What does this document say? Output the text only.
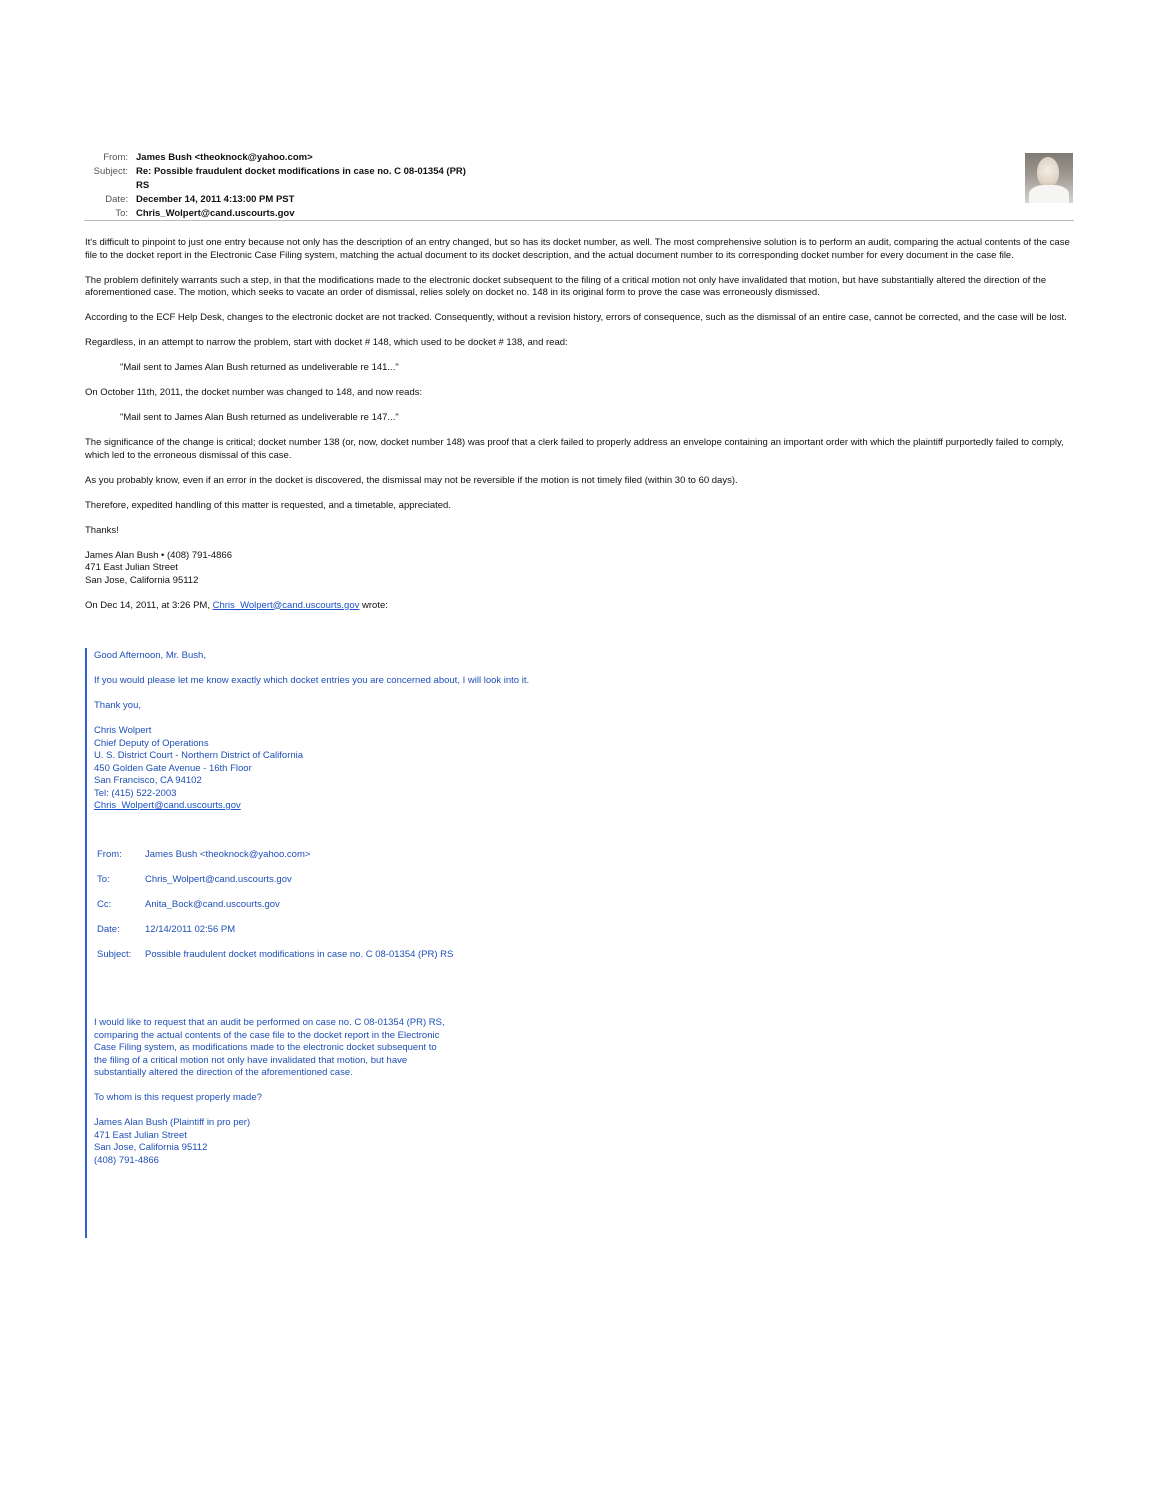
From: James Bush <theoknock@yahoo.com>
Subject: Re: Possible fraudulent docket modifications in case no. C 08-01354 (PR) RS
Date: December 14, 2011 4:13:00 PM PST
To: Chris_Wolpert@cand.uscourts.gov

It's difficult to pinpoint to just one entry because not only has the description of an entry changed, but so has its docket number, as well. The most comprehensive solution is to perform an audit, comparing the actual contents of the case file to the docket report in the Electronic Case Filing system, matching the actual document to its docket description, and the actual document number to its corresponding docket number for every document in the case file.

The problem definitely warrants such a step, in that the modifications made to the electronic docket subsequent to the filing of a critical motion not only have invalidated that motion, but have substantially altered the direction of the aforementioned case. The motion, which seeks to vacate an order of dismissal, relies solely on docket no. 148 in its original form to prove the case was erroneously dismissed.

According to the ECF Help Desk, changes to the electronic docket are not tracked. Consequently, without a revision history, errors of consequence, such as the dismissal of an entire case, cannot be corrected, and the case will be lost.

Regardless, in an attempt to narrow the problem, start with docket # 148, which used to be docket # 138, and read:

"Mail sent to James Alan Bush returned as undeliverable re 141..."

On October 11th, 2011, the docket number was changed to 148, and now reads:

"Mail sent to James Alan Bush returned as undeliverable re 147..."

The significance of the change is critical; docket number 138 (or, now, docket number 148) was proof that a clerk failed to properly address an envelope containing an important order with which the plaintiff purportedly failed to comply, which led to the erroneous dismissal of this case.

As you probably know, even if an error in the docket is discovered, the dismissal may not be reversible if the motion is not timely filed (within 30 to 60 days).

Therefore, expedited handling of this matter is requested, and a timetable, appreciated.

Thanks!

James Alan Bush • (408) 791-4866
471 East Julian Street
San Jose, California 95112

On Dec 14, 2011, at 3:26 PM, Chris_Wolpert@cand.uscourts.gov wrote:

Good Afternoon, Mr. Bush,

If you would please let me know exactly which docket entries you are concerned about, I will look into it.

Thank you,

Chris Wolpert
Chief Deputy of Operations
U. S. District Court - Northern District of California
450 Golden Gate Avenue - 16th Floor
San Francisco, CA 94102
Tel: (415) 522-2003
Chris_Wolpert@cand.uscourts.gov
From:	James Bush <theoknock@yahoo.com>
To:	Chris_Wolpert@cand.uscourts.gov
Cc:	Anita_Bock@cand.uscourts.gov
Date:	12/14/2011 02:56 PM
Subject:	Possible fraudulent docket modifications in case no. C 08-01354 (PR) RS

I would like to request that an audit be performed on case no. C 08-01354 (PR) RS, comparing the actual contents of the case file to the docket report in the Electronic Case Filing system, as modifications made to the electronic docket subsequent to the filing of a critical motion not only have invalidated that motion, but have substantially altered the direction of the aforementioned case.

To whom is this request properly made?

James Alan Bush (Plaintiff in pro per)
471 East Julian Street
San Jose, California 95112
(408) 791-4866
